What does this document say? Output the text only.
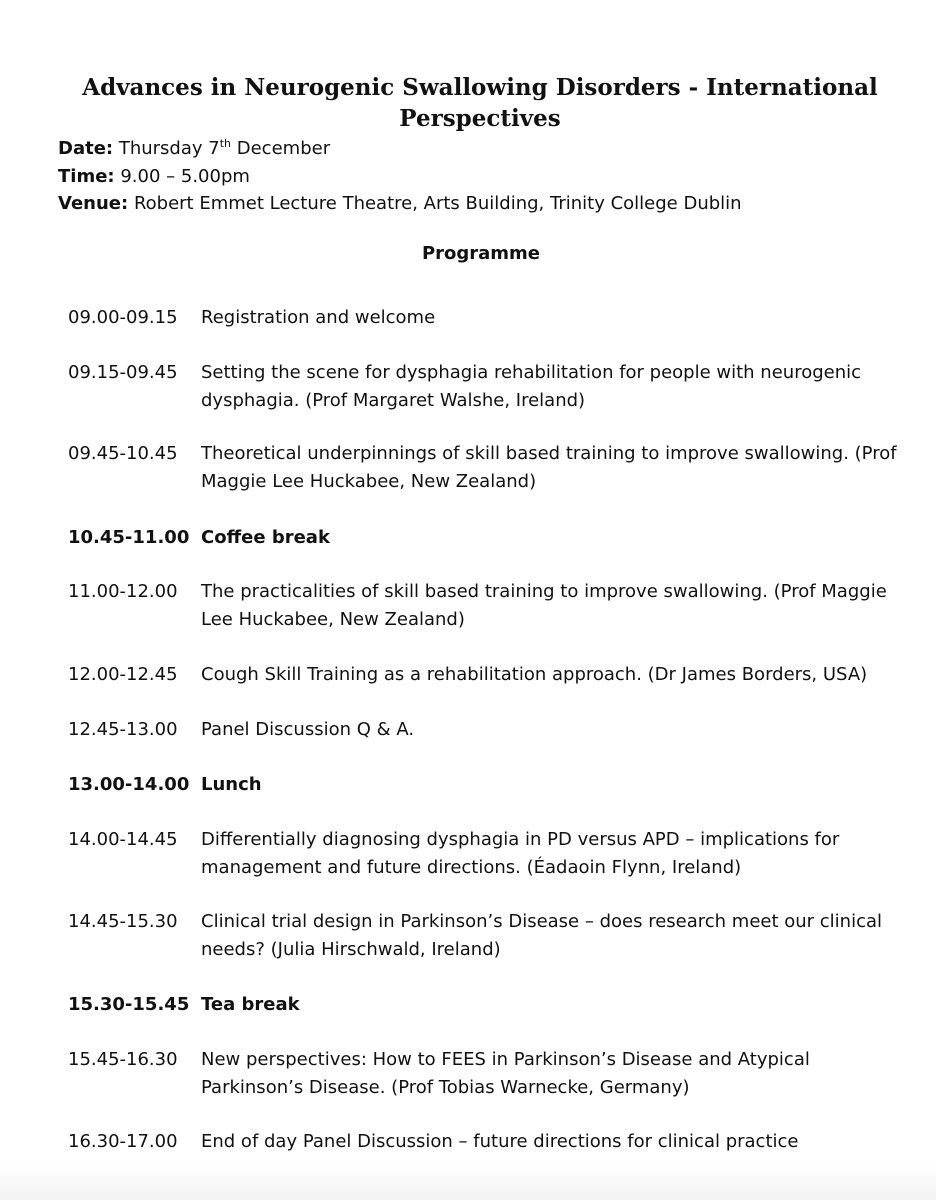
Advances in Neurogenic Swallowing Disorders - International Perspectives
Date: Thursday 7th December
Time: 9.00 – 5.00pm
Venue: Robert Emmet Lecture Theatre, Arts Building, Trinity College Dublin
Programme
09.00-09.15 Registration and welcome
09.15-09.45 Setting the scene for dysphagia rehabilitation for people with neurogenic dysphagia. (Prof Margaret Walshe, Ireland)
09.45-10.45 Theoretical underpinnings of skill based training to improve swallowing. (Prof Maggie Lee Huckabee, New Zealand)
10.45-11.00 Coffee break
11.00-12.00 The practicalities of skill based training to improve swallowing. (Prof Maggie Lee Huckabee, New Zealand)
12.00-12.45 Cough Skill Training as a rehabilitation approach. (Dr James Borders, USA)
12.45-13.00 Panel Discussion Q & A.
13.00-14.00 Lunch
14.00-14.45 Differentially diagnosing dysphagia in PD versus APD – implications for management and future directions. (Éadaoin Flynn, Ireland)
14.45-15.30 Clinical trial design in Parkinson’s Disease – does research meet our clinical needs? (Julia Hirschwald, Ireland)
15.30-15.45 Tea break
15.45-16.30 New perspectives: How to FEES in Parkinson’s Disease and Atypical Parkinson’s Disease. (Prof Tobias Warnecke, Germany)
16.30-17.00 End of day Panel Discussion – future directions for clinical practice
